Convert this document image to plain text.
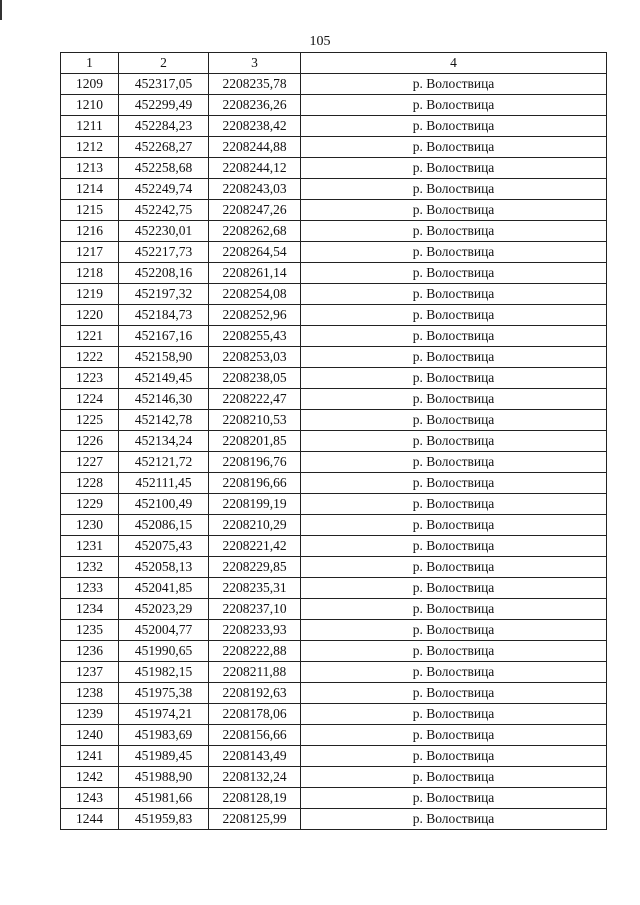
105
1	2	3	4
1209	452317,05	2208235,78	р. Волоствица
1210	452299,49	2208236,26	р. Волоствица
1211	452284,23	2208238,42	р. Волоствица
1212	452268,27	2208244,88	р. Волоствица
1213	452258,68	2208244,12	р. Волоствица
1214	452249,74	2208243,03	р. Волоствица
1215	452242,75	2208247,26	р. Волоствица
1216	452230,01	2208262,68	р. Волоствица
1217	452217,73	2208264,54	р. Волоствица
1218	452208,16	2208261,14	р. Волоствица
1219	452197,32	2208254,08	р. Волоствица
1220	452184,73	2208252,96	р. Волоствица
1221	452167,16	2208255,43	р. Волоствица
1222	452158,90	2208253,03	р. Волоствица
1223	452149,45	2208238,05	р. Волоствица
1224	452146,30	2208222,47	р. Волоствица
1225	452142,78	2208210,53	р. Волоствица
1226	452134,24	2208201,85	р. Волоствица
1227	452121,72	2208196,76	р. Волоствица
1228	452111,45	2208196,66	р. Волоствица
1229	452100,49	2208199,19	р. Волоствица
1230	452086,15	2208210,29	р. Волоствица
1231	452075,43	2208221,42	р. Волоствица
1232	452058,13	2208229,85	р. Волоствица
1233	452041,85	2208235,31	р. Волоствица
1234	452023,29	2208237,10	р. Волоствица
1235	452004,77	2208233,93	р. Волоствица
1236	451990,65	2208222,88	р. Волоствица
1237	451982,15	2208211,88	р. Волоствица
1238	451975,38	2208192,63	р. Волоствица
1239	451974,21	2208178,06	р. Волоствица
1240	451983,69	2208156,66	р. Волоствица
1241	451989,45	2208143,49	р. Волоствица
1242	451988,90	2208132,24	р. Волоствица
1243	451981,66	2208128,19	р. Волоствица
1244	451959,83	2208125,99	р. Волоствица
